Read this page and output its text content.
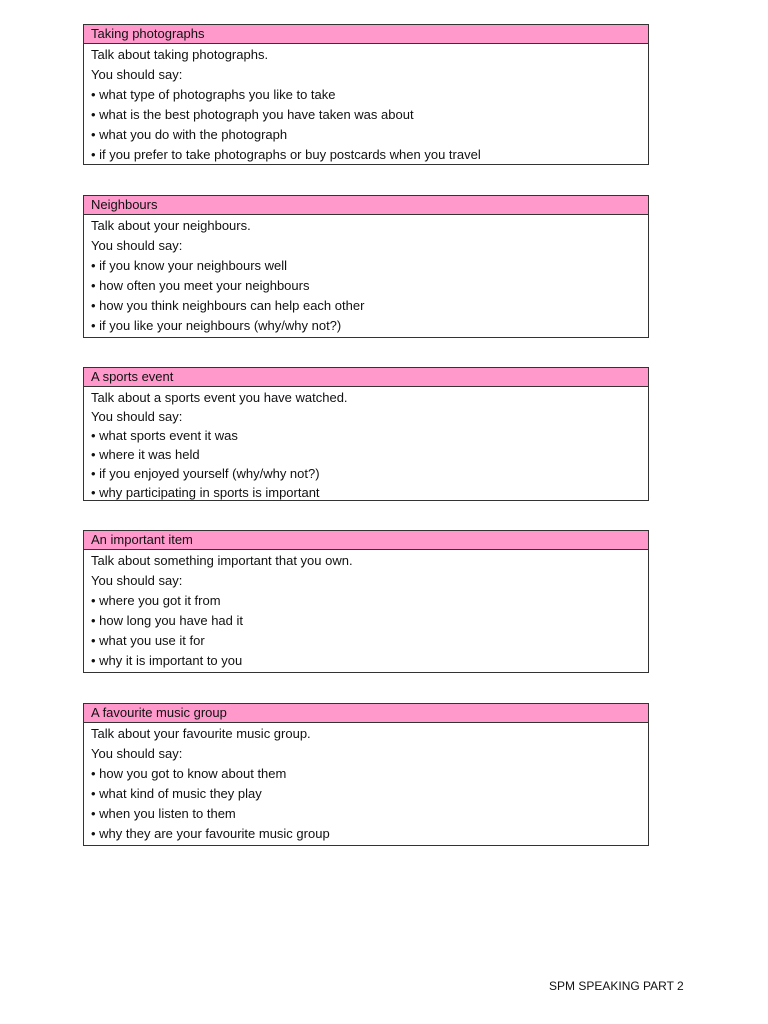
Taking photographs
Talk about taking photographs.
You should say:
• what type of photographs you like to take
• what is the best photograph you have taken was about
• what you do with the photograph
• if you prefer to take photographs or buy postcards when you travel
Neighbours
Talk about your neighbours.
You should say:
• if you know your neighbours well
• how often you meet your neighbours
• how you think neighbours can help each other
• if you like your neighbours (why/why not?)
A sports event
Talk about a sports event you have watched.
You should say:
• what sports event it was
• where it was held
• if you enjoyed yourself (why/why not?)
• why participating in sports is important
An important item
Talk about something important that you own.
You should say:
• where you got it from
• how long you have had it
• what you use it for
• why it is important to you
A favourite music group
Talk about your favourite music group.
You should say:
• how you got to know about them
• what kind of music they play
• when you listen to them
• why they are your favourite music group
SPM SPEAKING PART 2
